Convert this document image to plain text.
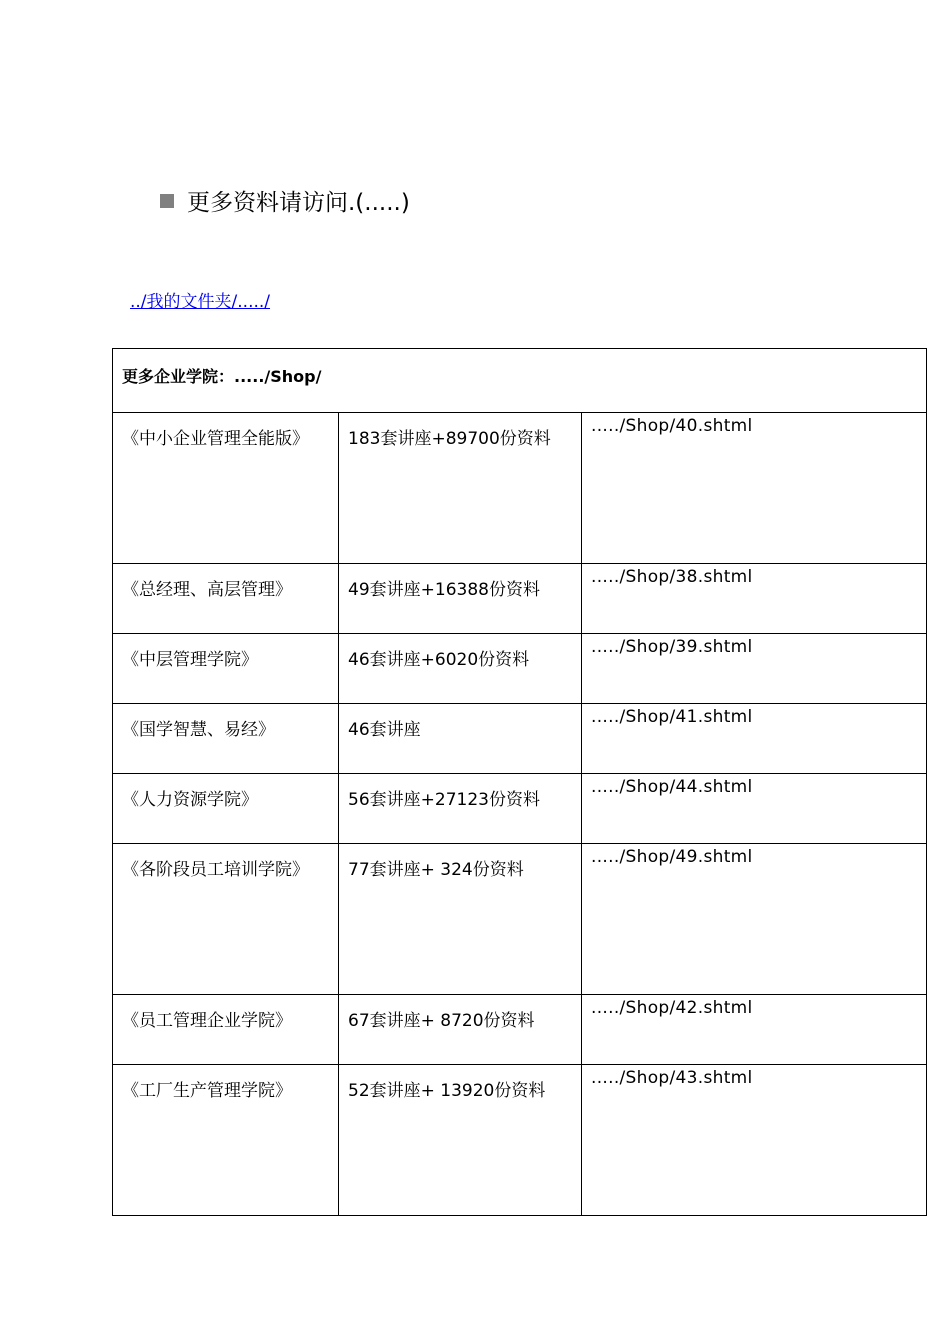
更多资料请访问.(.....)
../我的文件夹/...../
更多企业学院：...../Shop/		

《中小企业管理全能版》	183套讲座+89700份资料	...../Shop/40.shtml

《总经理、高层管理》	49套讲座+16388份资料	...../Shop/38.shtml

《中层管理学院》	46套讲座+6020份资料	...../Shop/39.shtml

《国学智慧、易经》	46套讲座	...../Shop/41.shtml

《人力资源学院》	56套讲座+27123份资料	...../Shop/44.shtml

《各阶段员工培训学院》	77套讲座+ 324份资料	...../Shop/49.shtml

《员工管理企业学院》	67套讲座+ 8720份资料	...../Shop/42.shtml

《工厂生产管理学院》	52套讲座+ 13920份资料	...../Shop/43.shtml
